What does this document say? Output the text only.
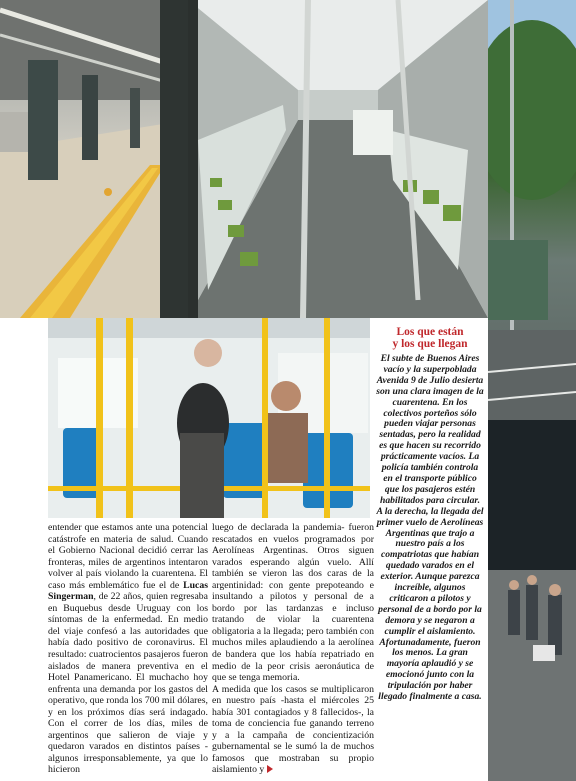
Los que están
y los que llegan
El subte de Buenos Aires vacío y la superpoblada Avenida 9 de Julio desierta son una clara imagen de la cuarentena. En los colectivos porteños sólo pueden viajar personas sentadas, pero la realidad es que hacen su recorrido prácticamente vacíos. La policía también controla en el transporte público que los pasajeros estén habilitados para circular. A la derecha, la llegada del primer vuelo de Aerolíneas Argentinas que trajo a nuestro país a los compatriotas que habían quedado varados en el exterior. Aunque parezca increíble, algunos criticaron a pilotos y personal de a bordo por la demora y se negaron a cumplir el aislamiento. Afortunadamente, fueron los menos. La gran mayoría aplaudió y se emocionó junto con la tripulación por haber llegado finalmente a casa.

entender que estamos ante una potencial catástrofe en materia de salud. Cuando el Gobierno Nacional decidió cerrar las fronteras, miles de argentinos intentaron volver al país violando la cuarentena. El caso más emblemático fue el de Lucas Singerman, de 22 años, quien regresaba en Buquebus desde Uruguay con los síntomas de la enfermedad. En medio del viaje confesó a las autoridades que había dado positivo de coronavirus. El resultado: cuatrocientos pasajeros fueron aislados de manera preventiva en el Hotel Panamericano. El muchacho hoy enfrenta una demanda por los gastos del operativo, que ronda los 700 mil dólares, y en los próximos días será indagado. Con el correr de los días, miles de argentinos que salieron de viaje y quedaron varados en distintos países -algunos irresponsablemente, ya que lo hicieron

luego de declarada la pandemia- fueron rescatados en vuelos programados por Aerolíneas Argentinas. Otros siguen varados esperando algún vuelo. Allí también se vieron las dos caras de la argentinidad: con gente prepoteando e insultando a pilotos y personal de a bordo por las tardanzas e incluso tratando de violar la cuarentena obligatoria a la llegada; pero también con muchos miles aplaudiendo a la aerolínea de bandera que los había repatriado en medio de la peor crisis aeronáutica de que se tenga memoria.

A medida que los casos se multiplicaron en nuestro país -hasta el miércoles 25 había 301 contagiados y 8 fallecidos-, la toma de conciencia fue ganando terreno y a la campaña de concientización gubernamental se le sumó la de muchos famosos que mostraban su propio aislamiento y
